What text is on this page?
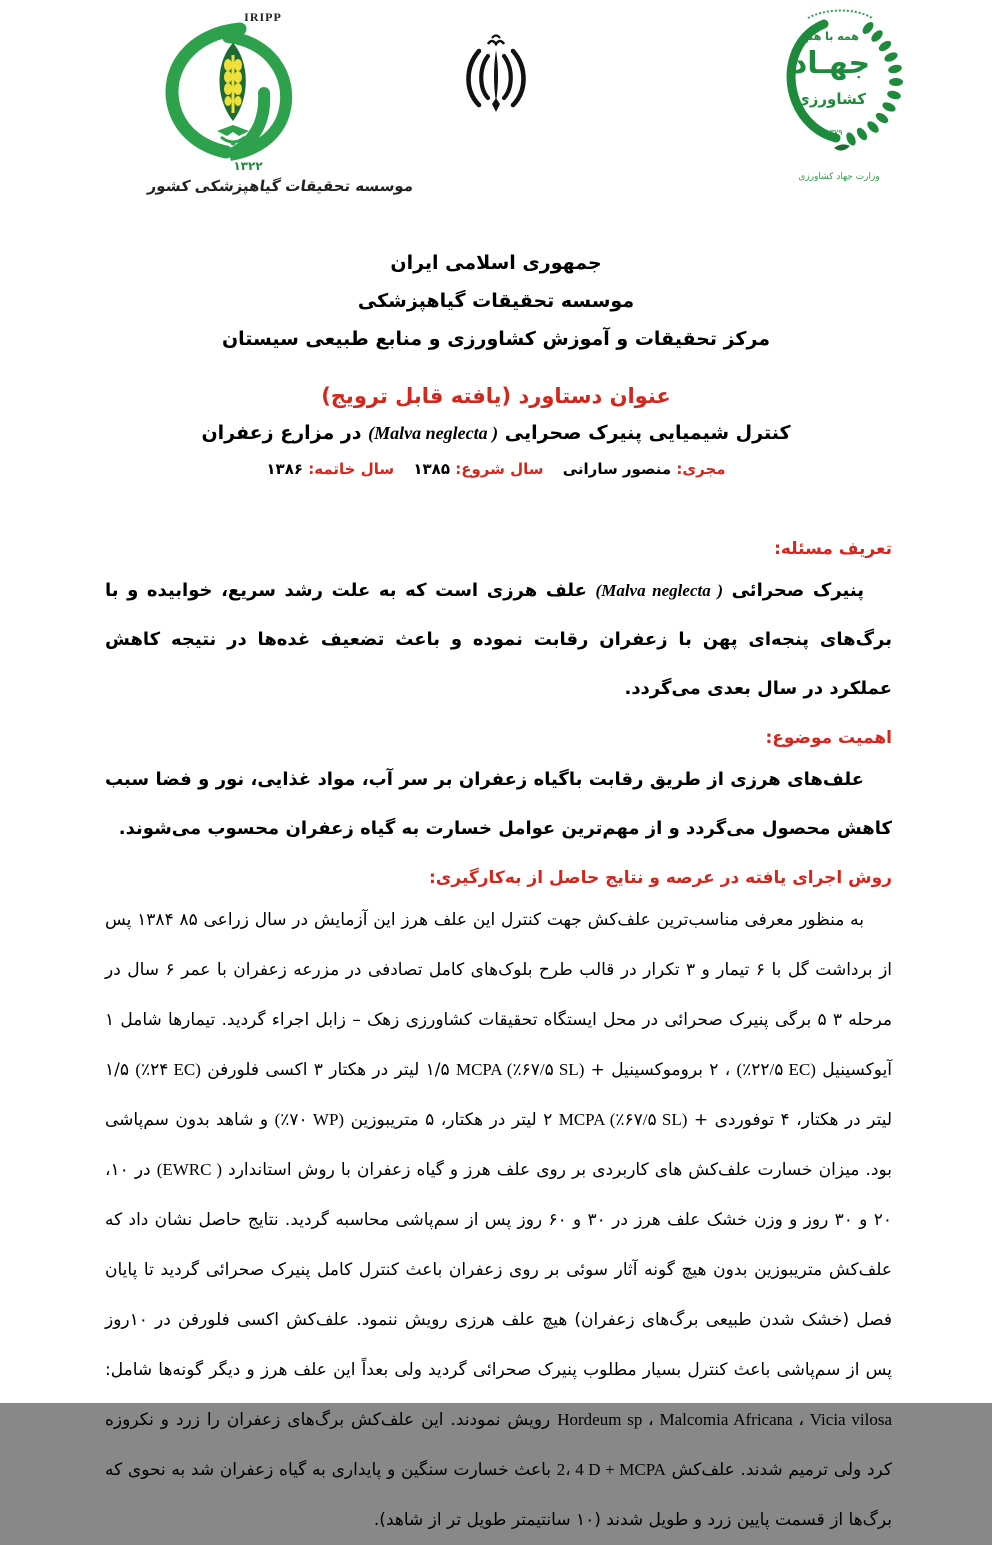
IRIPP
۱۳۲۲
موسسه تحقیقات گیاهپزشکی کشور
همه با هم
جهـاد
کشاورزی
۱۳۷۹
وزارت جهاد کشاورزی
جمهوری اسلامی ایران
موسسه تحقیقات گیاهپزشکی
مرکز تحقیقات و آموزش کشاورزی و منابع طبیعی سیستان
عنوان دستاورد (یافته قابل ترویج)
کنترل شیمیایی پنیرک صحرایی (Malva neglecta ) در مزارع زعفران
مجری: منصور سارانی سال شروع: ۱۳۸۵ سال خاتمه: ۱۳۸۶
تعریف مسئله:

پنیرک صحرائی (Malva neglecta ) علف هرزی است که به علت رشد سریع، خوابیده و با برگ‌های پنجه‌ای پهن با زعفران رقابت نموده و باعث تضعیف غده‌ها در نتیجه کاهش عملکرد در سال بعدی می‌گردد.

اهمیت موضوع:

علف‌های هرزی از طریق رقابت باگیاه زعفران بر سر آب، مواد غذایی، نور و فضا سبب کاهش محصول می‌گردد و از مهم‌ترین عوامل خسارت به گیاه زعفران محسوب می‌شوند.

روش اجرای یافته در عرصه و نتایج حاصل از به‌کارگیری:

به منظور معرفی مناسب‌ترین علف‌کش جهت کنترل این علف هرز این آزمایش در سال زراعی ۸۵ ۱۳۸۴ پس از برداشت گل با ۶ تیمار و ۳ تکرار در قالب طرح بلوک‌های کامل تصادفی در مزرعه زعفران با عمر ۶ سال در مرحله ۳ ۵ برگی پنیرک صحرائی در محل ایستگاه تحقیقات کشاورزی زهک – زابل اجراء گردید. تیمارها شامل ۱ آیوکسینیل (٪۲۲/۵ EC) ، ۲ بروموکسینیل + MCPA (٪۶۷/۵ SL) ۱/۵ لیتر در هکتار ۳ اکسی فلورفن (٪۲۴ EC) ۱/۵ لیتر در هکتار، ۴ توفوردی + MCPA (٪۶۷/۵ SL) ۲ لیتر در هکتار، ۵ متریبوزین (٪۷۰ WP) و شاهد بدون سم‌پاشی بود. میزان خسارت علف‌کش های کاربردی بر روی علف هرز و گیاه زعفران با روش استاندارد (EWRC ) در ۱۰، ۲۰ و ۳۰ روز و وزن خشک علف هرز در ۳۰ و ۶۰ روز پس از سم‌پاشی محاسبه گردید. نتایج حاصل نشان داد که علف‌کش متریبوزین بدون هیچ گونه آثار سوئی بر روی زعفران باعث کنترل کامل پنیرک صحرائی گردید تا پایان فصل (خشک شدن طبیعی برگ‌های زعفران) هیچ علف هرزی رویش ننمود. علف‌کش اکسی فلورفن در ۱۰روز پس از سم‌پاشی باعث کنترل بسیار مطلوب پنیرک صحرائی گردید ولی بعداً این علف هرز و دیگر گونه‌ها شامل: Hordeum sp ، Malcomia Africana ، Vicia vilosa رویش نمودند. این علف‌کش برگ‌های زعفران را زرد و نکروزه کرد ولی ترمیم شدند. علف‌کش 2، 4 D + MCPA باعث خسارت سنگین و پایداری به گیاه زعفران شد به نحوی که برگ‌ها از قسمت پایین زرد و طویل شدند (۱۰ سانتیمتر طویل تر از شاهد).
